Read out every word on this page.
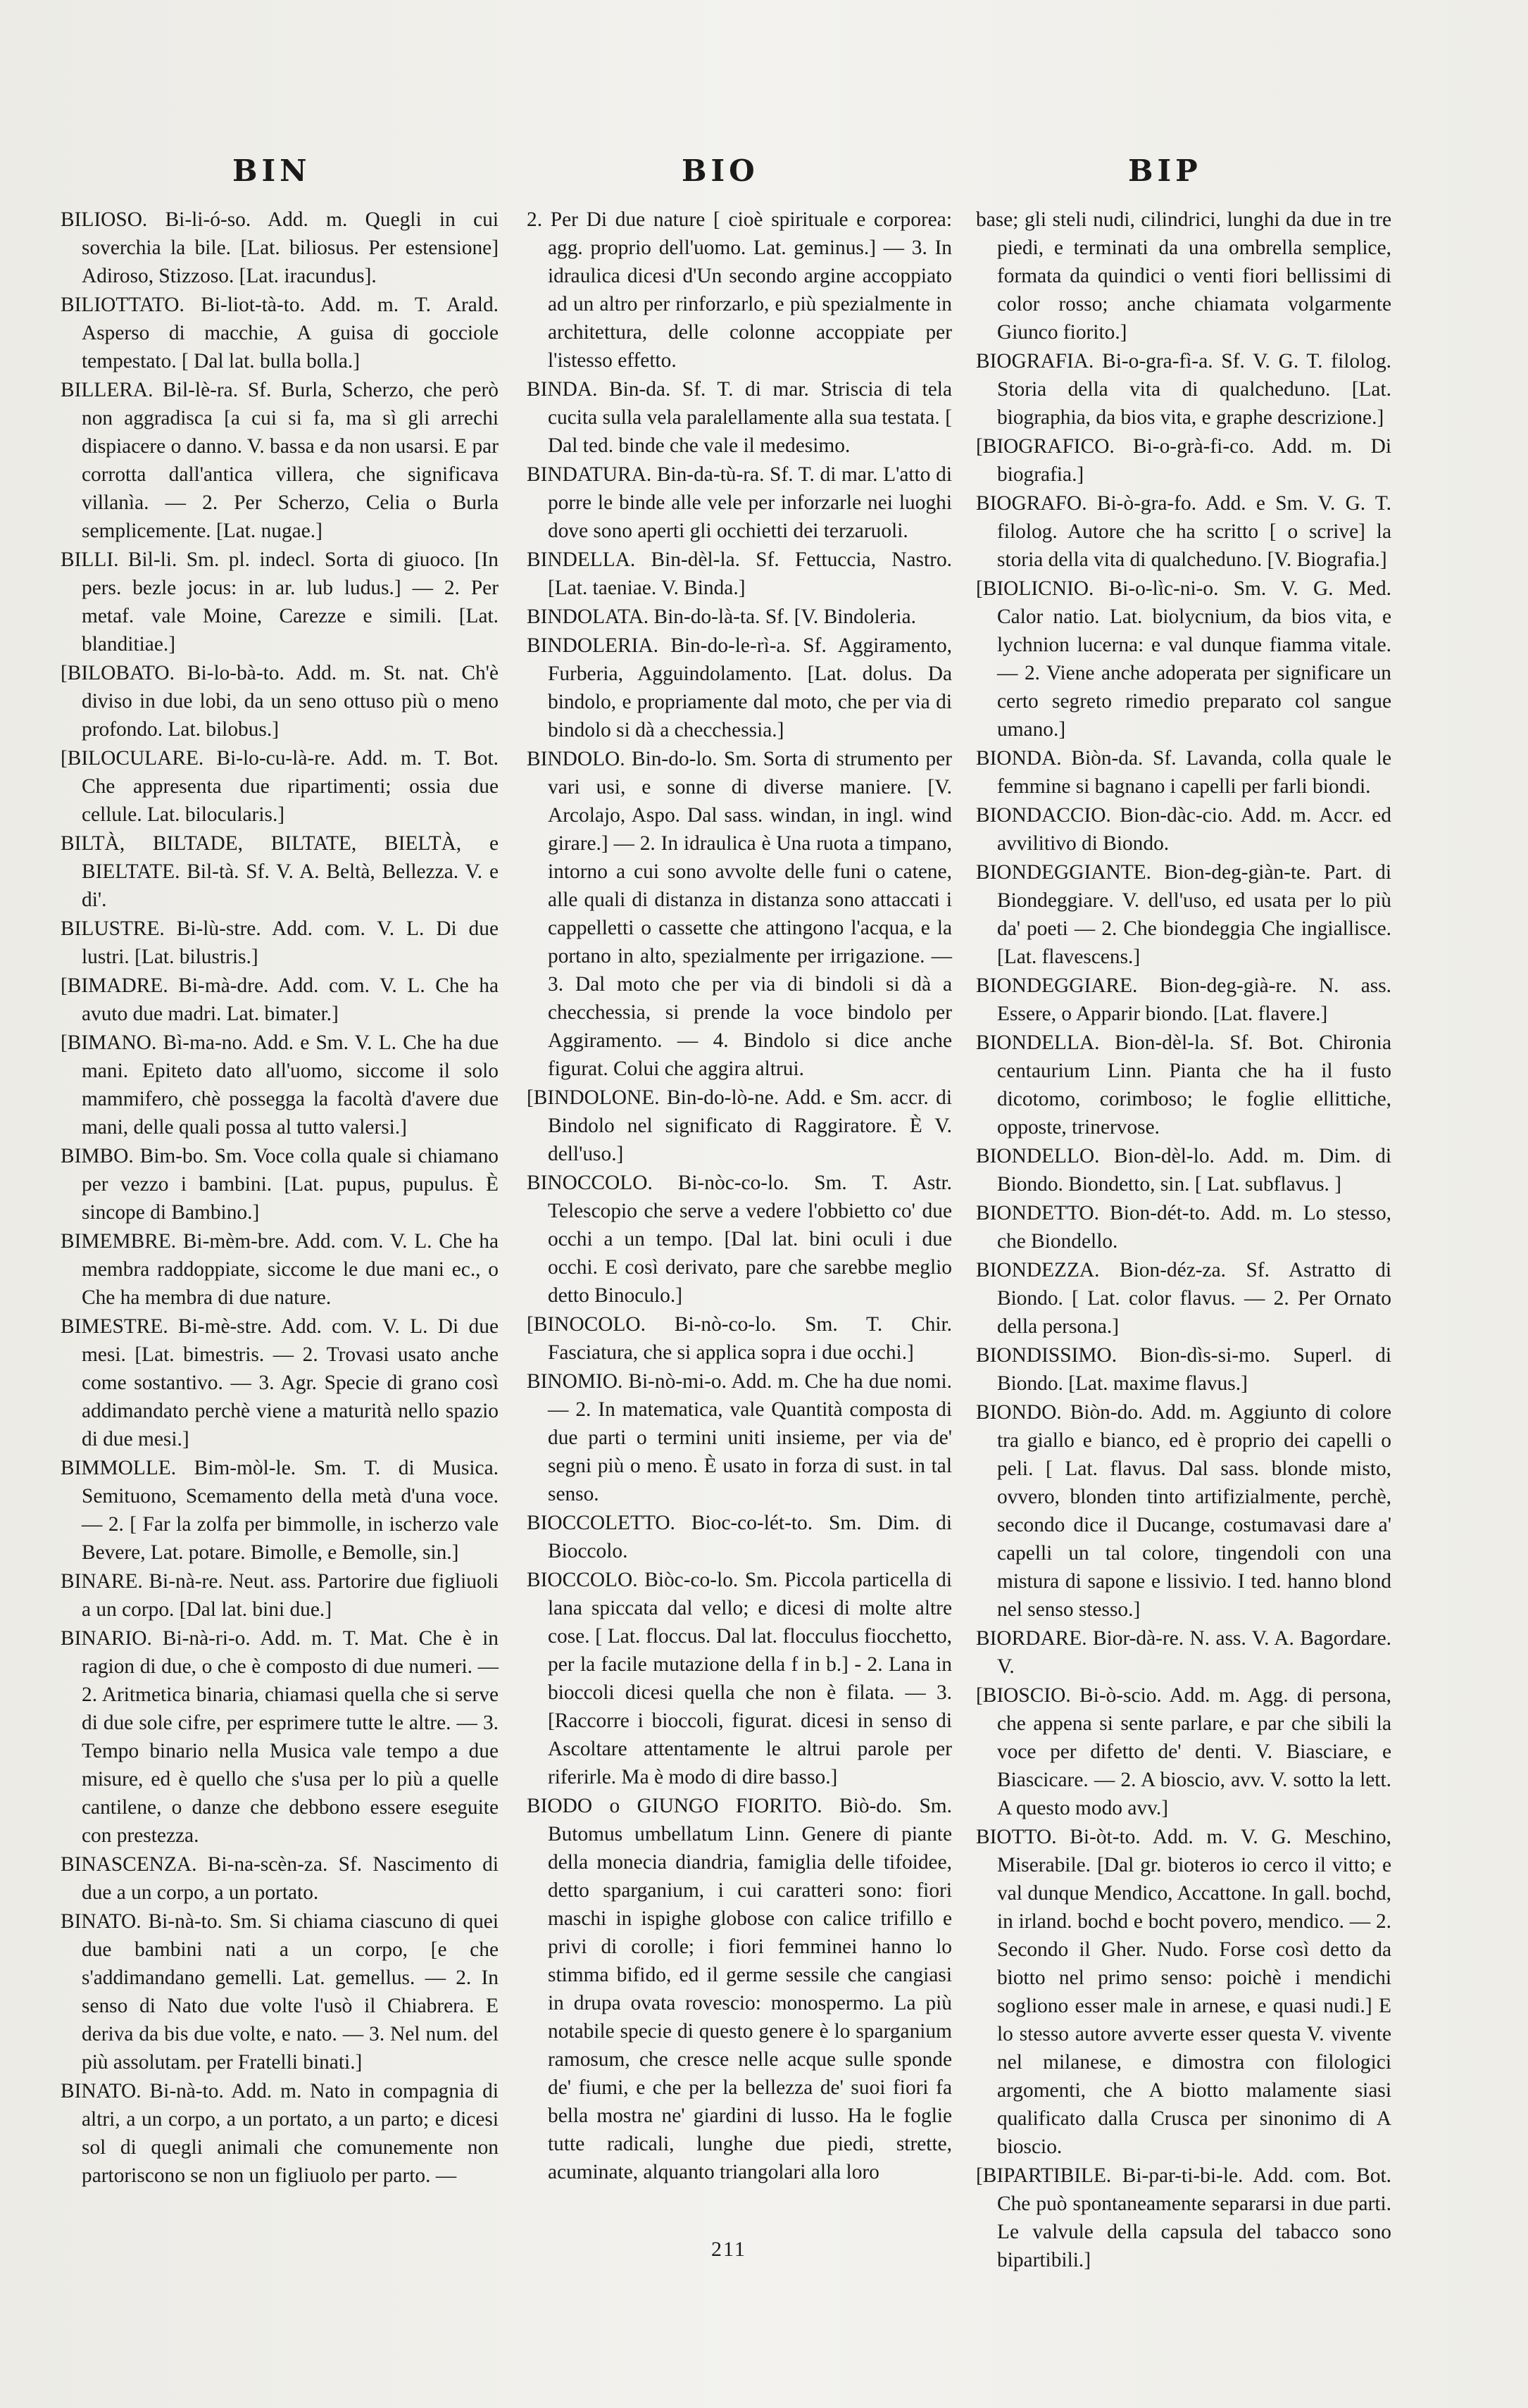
BIN	BIO	BIP

BILIOSO. Bi-li-ó-so. Add. m. Quegli in cui soverchia la bile. [Lat. biliosus. Per estensione] Adiroso, Stizzoso. [Lat. iracundus].

BILIOTTATO. Bi-liot-tà-to. Add. m. T. Arald. Asperso di macchie, A guisa di gocciole tempestato. [ Dal lat. bulla bolla.]

BILLERA. Bil-lè-ra. Sf. Burla, Scherzo, che però non aggradisca [a cui si fa, ma sì gli arrechi dispiacere o danno. V. bassa e da non usarsi. E par corrotta dall'antica villera, che significava villanìa. — 2. Per Scherzo, Celia o Burla semplicemente. [Lat. nugae.]

BILLI. Bil-li. Sm. pl. indecl. Sorta di giuoco. [In pers. bezle jocus: in ar. lub ludus.] — 2. Per metaf. vale Moine, Carezze e simili. [Lat. blanditiae.]

[BILOBATO. Bi-lo-bà-to. Add. m. St. nat. Ch'è diviso in due lobi, da un seno ottuso più o meno profondo. Lat. bilobus.]

[BILOCULARE. Bi-lo-cu-là-re. Add. m. T. Bot. Che appresenta due ripartimenti; ossia due cellule. Lat. bilocularis.]

BILTÀ, BILTADE, BILTATE, BIELTÀ, e BIELTATE. Bil-tà. Sf. V. A. Beltà, Bellezza. V. e di'.

BILUSTRE. Bi-lù-stre. Add. com. V. L. Di due lustri. [Lat. bilustris.]

[BIMADRE. Bi-mà-dre. Add. com. V. L. Che ha avuto due madri. Lat. bimater.]

[BIMANO. Bì-ma-no. Add. e Sm. V. L. Che ha due mani. Epiteto dato all'uomo, siccome il solo mammifero, chè possegga la facoltà d'avere due mani, delle quali possa al tutto valersi.]

BIMBO. Bim-bo. Sm. Voce colla quale si chiamano per vezzo i bambini. [Lat. pupus, pupulus. È sincope di Bambino.]

BIMEMBRE. Bi-mèm-bre. Add. com. V. L. Che ha membra raddoppiate, siccome le due mani ec., o Che ha membra di due nature.

BIMESTRE. Bi-mè-stre. Add. com. V. L. Di due mesi. [Lat. bimestris. — 2. Trovasi usato anche come sostantivo. — 3. Agr. Specie di grano così addimandato perchè viene a maturità nello spazio di due mesi.]

BIMMOLLE. Bim-mòl-le. Sm. T. di Musica. Semituono, Scemamento della metà d'una voce. — 2. [ Far la zolfa per bimmolle, in ischerzo vale Bevere, Lat. potare. Bimolle, e Bemolle, sin.]

BINARE. Bi-nà-re. Neut. ass. Partorire due figliuoli a un corpo. [Dal lat. bini due.]

BINARIO. Bi-nà-ri-o. Add. m. T. Mat. Che è in ragion di due, o che è composto di due numeri. — 2. Aritmetica binaria, chiamasi quella che si serve di due sole cifre, per esprimere tutte le altre. — 3. Tempo binario nella Musica vale tempo a due misure, ed è quello che s'usa per lo più a quelle cantilene, o danze che debbono essere eseguite con prestezza.

BINASCENZA. Bi-na-scèn-za. Sf. Nascimento di due a un corpo, a un portato.

BINATO. Bi-nà-to. Sm. Si chiama ciascuno di quei due bambini nati a un corpo, [e che s'addimandano gemelli. Lat. gemellus. — 2. In senso di Nato due volte l'usò il Chiabrera. E deriva da bis due volte, e nato. — 3. Nel num. del più assolutam. per Fratelli binati.]

BINATO. Bi-nà-to. Add. m. Nato in compagnia di altri, a un corpo, a un portato, a un parto; e dicesi sol di quegli animali che comunemente non partoriscono se non un figliuolo per parto. —

2. Per Di due nature [ cioè spirituale e corporea: agg. proprio dell'uomo. Lat. geminus.] — 3. In idraulica dicesi d'Un secondo argine accoppiato ad un altro per rinforzarlo, e più spezialmente in architettura, delle colonne accoppiate per l'istesso effetto.

BINDA. Bin-da. Sf. T. di mar. Striscia di tela cucita sulla vela paralellamente alla sua testata. [ Dal ted. binde che vale il medesimo.

BINDATURA. Bin-da-tù-ra. Sf. T. di mar. L'atto di porre le binde alle vele per inforzarle nei luoghi dove sono aperti gli occhietti dei terzaruoli.

BINDELLA. Bin-dèl-la. Sf. Fettuccia, Nastro. [Lat. taeniae. V. Binda.]

BINDOLATA. Bin-do-là-ta. Sf. [V. Bindoleria.

BINDOLERIA. Bin-do-le-rì-a. Sf. Aggiramento, Furberia, Agguindolamento. [Lat. dolus. Da bindolo, e propriamente dal moto, che per via di bindolo si dà a checchessia.]

BINDOLO. Bin-do-lo. Sm. Sorta di strumento per vari usi, e sonne di diverse maniere. [V. Arcolajo, Aspo. Dal sass. windan, in ingl. wind girare.] — 2. In idraulica è Una ruota a timpano, intorno a cui sono avvolte delle funi o catene, alle quali di distanza in distanza sono attaccati i cappelletti o cassette che attingono l'acqua, e la portano in alto, spezialmente per irrigazione. — 3. Dal moto che per via di bindoli si dà a checchessia, si prende la voce bindolo per Aggiramento. — 4. Bindolo si dice anche figurat. Colui che aggira altrui.

[BINDOLONE. Bin-do-lò-ne. Add. e Sm. accr. di Bindolo nel significato di Raggiratore. È V. dell'uso.]

BINOCCOLO. Bi-nòc-co-lo. Sm. T. Astr. Telescopio che serve a vedere l'obbietto co' due occhi a un tempo. [Dal lat. bini oculi i due occhi. E così derivato, pare che sarebbe meglio detto Binoculo.]

[BINOCOLO. Bi-nò-co-lo. Sm. T. Chir. Fasciatura, che si applica sopra i due occhi.]

BINOMIO. Bi-nò-mi-o. Add. m. Che ha due nomi. — 2. In matematica, vale Quantità composta di due parti o termini uniti insieme, per via de' segni più o meno. È usato in forza di sust. in tal senso.

BIOCCOLETTO. Bioc-co-lét-to. Sm. Dim. di Bioccolo.

BIOCCOLO. Biòc-co-lo. Sm. Piccola particella di lana spiccata dal vello; e dicesi di molte altre cose. [ Lat. floccus. Dal lat. flocculus fiocchetto, per la facile mutazione della f in b.] - 2. Lana in bioccoli dicesi quella che non è filata. — 3. [Raccorre i bioccoli, figurat. dicesi in senso di Ascoltare attentamente le altrui parole per riferirle. Ma è modo di dire basso.]

BIODO o GIUNGO FIORITO. Biò-do. Sm. Butomus umbellatum Linn. Genere di piante della monecia diandria, famiglia delle tifoidee, detto sparganium, i cui caratteri sono: fiori maschi in ispighe globose con calice trifillo e privi di corolle; i fiori femminei hanno lo stimma bifido, ed il germe sessile che cangiasi in drupa ovata rovescio: monospermo. La più notabile specie di questo genere è lo sparganium ramosum, che cresce nelle acque sulle sponde de' fiumi, e che per la bellezza de' suoi fiori fa bella mostra ne' giardini di lusso. Ha le foglie tutte radicali, lunghe due piedi, strette, acuminate, alquanto triangolari alla loro

base; gli steli nudi, cilindrici, lunghi da due in tre piedi, e terminati da una ombrella semplice, formata da quindici o venti fiori bellissimi di color rosso; anche chiamata volgarmente Giunco fiorito.]

BIOGRAFIA. Bi-o-gra-fì-a. Sf. V. G. T. filolog. Storia della vita di qualcheduno. [Lat. biographia, da bios vita, e graphe descrizione.]

[BIOGRAFICO. Bi-o-grà-fi-co. Add. m. Di biografia.]

BIOGRAFO. Bi-ò-gra-fo. Add. e Sm. V. G. T. filolog. Autore che ha scritto [ o scrive] la storia della vita di qualcheduno. [V. Biografia.]

[BIOLICNIO. Bi-o-lìc-ni-o. Sm. V. G. Med. Calor natio. Lat. biolycnium, da bios vita, e lychnion lucerna: e val dunque fiamma vitale. — 2. Viene anche adoperata per significare un certo segreto rimedio preparato col sangue umano.]

BIONDA. Biòn-da. Sf. Lavanda, colla quale le femmine si bagnano i capelli per farli biondi.

BIONDACCIO. Bion-dàc-cio. Add. m. Accr. ed avvilitivo di Biondo.

BIONDEGGIANTE. Bion-deg-giàn-te. Part. di Biondeggiare. V. dell'uso, ed usata per lo più da' poeti — 2. Che biondeggia Che ingiallisce. [Lat. flavescens.]

BIONDEGGIARE. Bion-deg-già-re. N. ass. Essere, o Apparir biondo. [Lat. flavere.]

BIONDELLA. Bion-dèl-la. Sf. Bot. Chironia centaurium Linn. Pianta che ha il fusto dicotomo, corimboso; le foglie ellittiche, opposte, trinervose.

BIONDELLO. Bion-dèl-lo. Add. m. Dim. di Biondo. Biondetto, sin. [ Lat. subflavus. ]

BIONDETTO. Bion-dét-to. Add. m. Lo stesso, che Biondello.

BIONDEZZA. Bion-déz-za. Sf. Astratto di Biondo. [ Lat. color flavus. — 2. Per Ornato della persona.]

BIONDISSIMO. Bion-dìs-si-mo. Superl. di Biondo. [Lat. maxime flavus.]

BIONDO. Biòn-do. Add. m. Aggiunto di colore tra giallo e bianco, ed è proprio dei capelli o peli. [ Lat. flavus. Dal sass. blonde misto, ovvero, blonden tinto artifizialmente, perchè, secondo dice il Ducange, costumavasi dare a' capelli un tal colore, tingendoli con una mistura di sapone e lissivio. I ted. hanno blond nel senso stesso.]

BIORDARE. Bior-dà-re. N. ass. V. A. Bagordare. V.

[BIOSCIO. Bi-ò-scio. Add. m. Agg. di persona, che appena si sente parlare, e par che sibili la voce per difetto de' denti. V. Biasciare, e Biascicare. — 2. A bioscio, avv. V. sotto la lett. A questo modo avv.]

BIOTTO. Bi-òt-to. Add. m. V. G. Meschino, Miserabile. [Dal gr. bioteros io cerco il vitto; e val dunque Mendico, Accattone. In gall. bochd, in irland. bochd e bocht povero, mendico. — 2. Secondo il Gher. Nudo. Forse così detto da biotto nel primo senso: poichè i mendichi sogliono esser male in arnese, e quasi nudi.] E lo stesso autore avverte esser questa V. vivente nel milanese, e dimostra con filologici argomenti, che A biotto malamente siasi qualificato dalla Crusca per sinonimo di A bioscio.

[BIPARTIBILE. Bi-par-ti-bi-le. Add. com. Bot. Che può spontaneamente separarsi in due parti. Le valvule della capsula del tabacco sono bipartibili.]

211
